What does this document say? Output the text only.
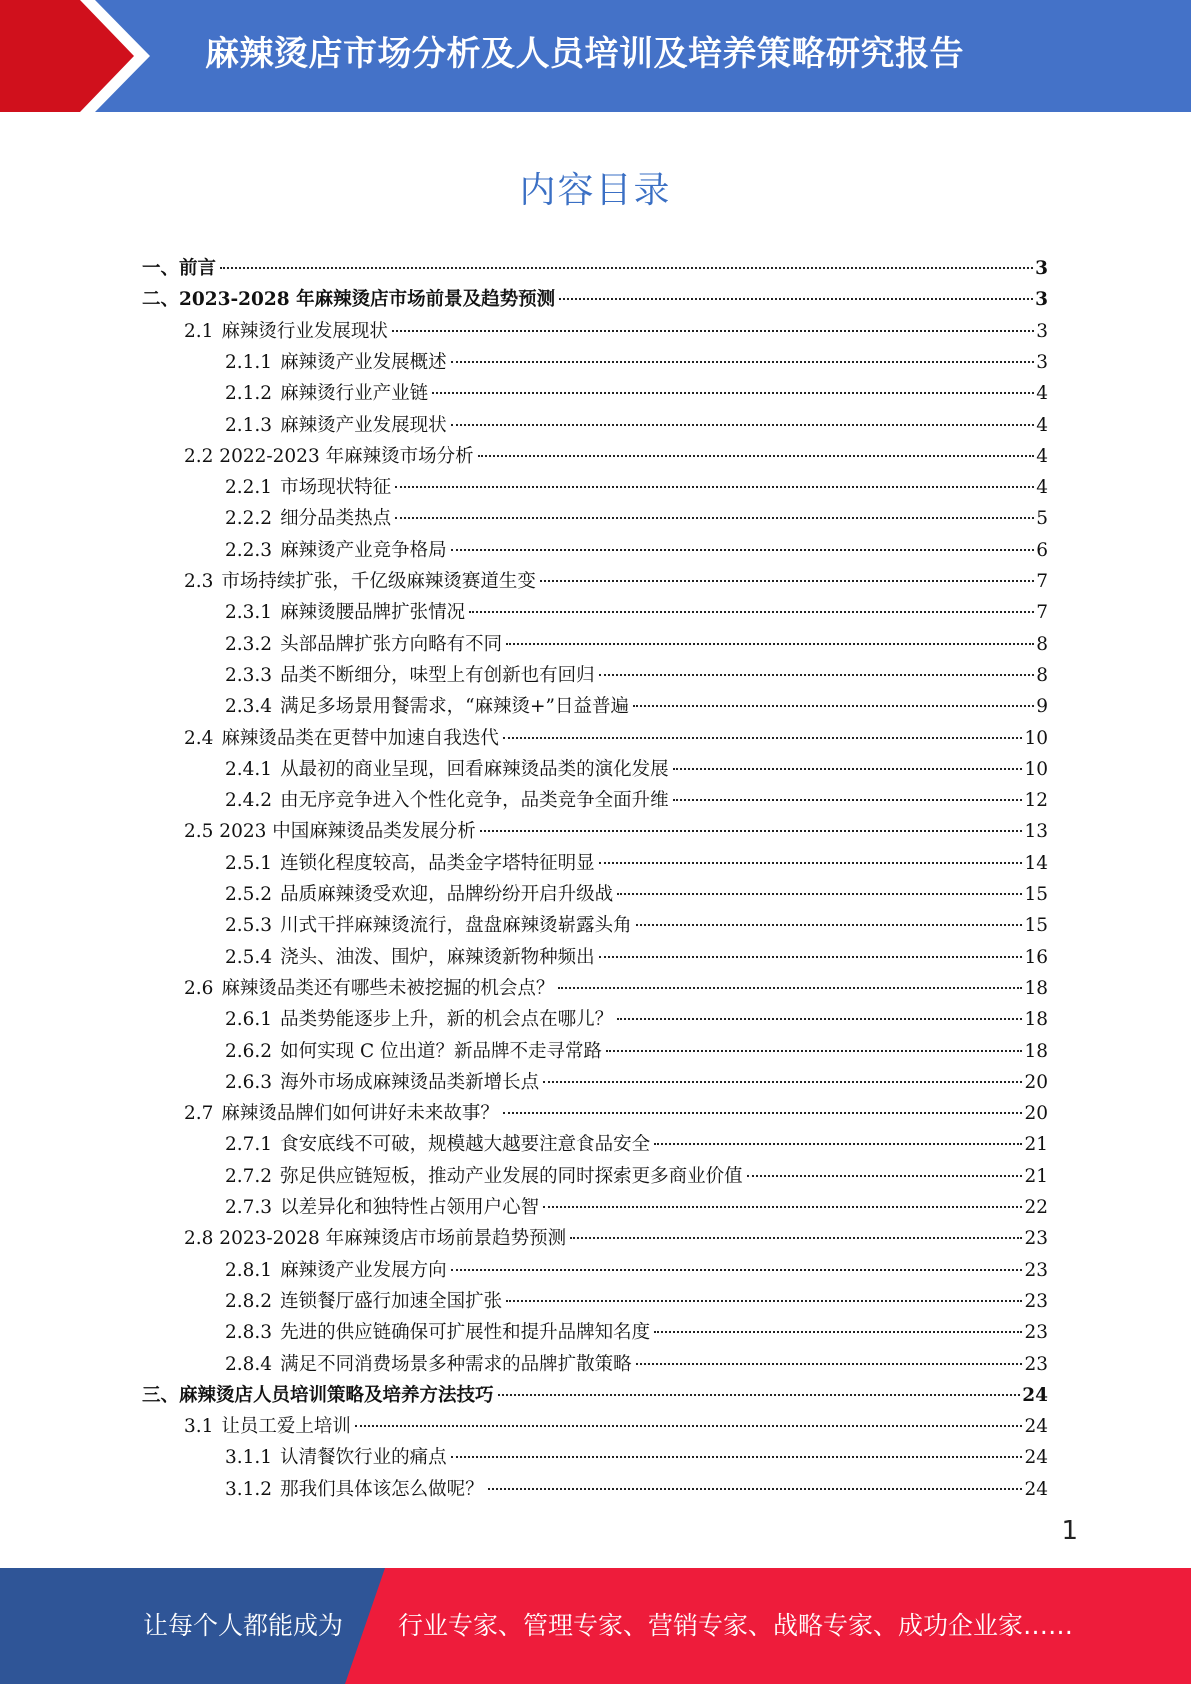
麻辣烫店市场分析及人员培训及培养策略研究报告
内容目录
一、前言	3
二、2023-2028 年麻辣烫店市场前景及趋势预测	3
2.1 麻辣烫行业发展现状	3
2.1.1 麻辣烫产业发展概述	3
2.1.2 麻辣烫行业产业链	4
2.1.3 麻辣烫产业发展现状	4
2.2 2022-2023 年麻辣烫市场分析	4
2.2.1 市场现状特征	4
2.2.2 细分品类热点	5
2.2.3 麻辣烫产业竞争格局	6
2.3 市场持续扩张，千亿级麻辣烫赛道生变	7
2.3.1 麻辣烫腰品牌扩张情况	7
2.3.2 头部品牌扩张方向略有不同	8
2.3.3 品类不断细分，味型上有创新也有回归	8
2.3.4 满足多场景用餐需求，“麻辣烫+”日益普遍	9
2.4 麻辣烫品类在更替中加速自我迭代	10
2.4.1 从最初的商业呈现，回看麻辣烫品类的演化发展	10
2.4.2 由无序竞争进入个性化竞争，品类竞争全面升维	12
2.5 2023 中国麻辣烫品类发展分析	13
2.5.1 连锁化程度较高，品类金字塔特征明显	14
2.5.2 品质麻辣烫受欢迎，品牌纷纷开启升级战	15
2.5.3 川式干拌麻辣烫流行，盘盘麻辣烫崭露头角	15
2.5.4 浇头、油泼、围炉，麻辣烫新物种频出	16
2.6 麻辣烫品类还有哪些未被挖掘的机会点？	18
2.6.1 品类势能逐步上升，新的机会点在哪儿？	18
2.6.2 如何实现 C 位出道？新品牌不走寻常路	18
2.6.3 海外市场成麻辣烫品类新增长点	20
2.7 麻辣烫品牌们如何讲好未来故事？	20
2.7.1 食安底线不可破，规模越大越要注意食品安全	21
2.7.2 弥足供应链短板，推动产业发展的同时探索更多商业价值	21
2.7.3 以差异化和独特性占领用户心智	22
2.8 2023-2028 年麻辣烫店市场前景趋势预测	23
2.8.1 麻辣烫产业发展方向	23
2.8.2 连锁餐厅盛行加速全国扩张	23
2.8.3 先进的供应链确保可扩展性和提升品牌知名度	23
2.8.4 满足不同消费场景多种需求的品牌扩散策略	23
三、麻辣烫店人员培训策略及培养方法技巧	24
3.1 让员工爱上培训	24
3.1.1 认清餐饮行业的痛点	24
3.1.2 那我们具体该怎么做呢？	24
1
让每个人都能成为 行业专家、管理专家、营销专家、战略专家、成功企业家……
